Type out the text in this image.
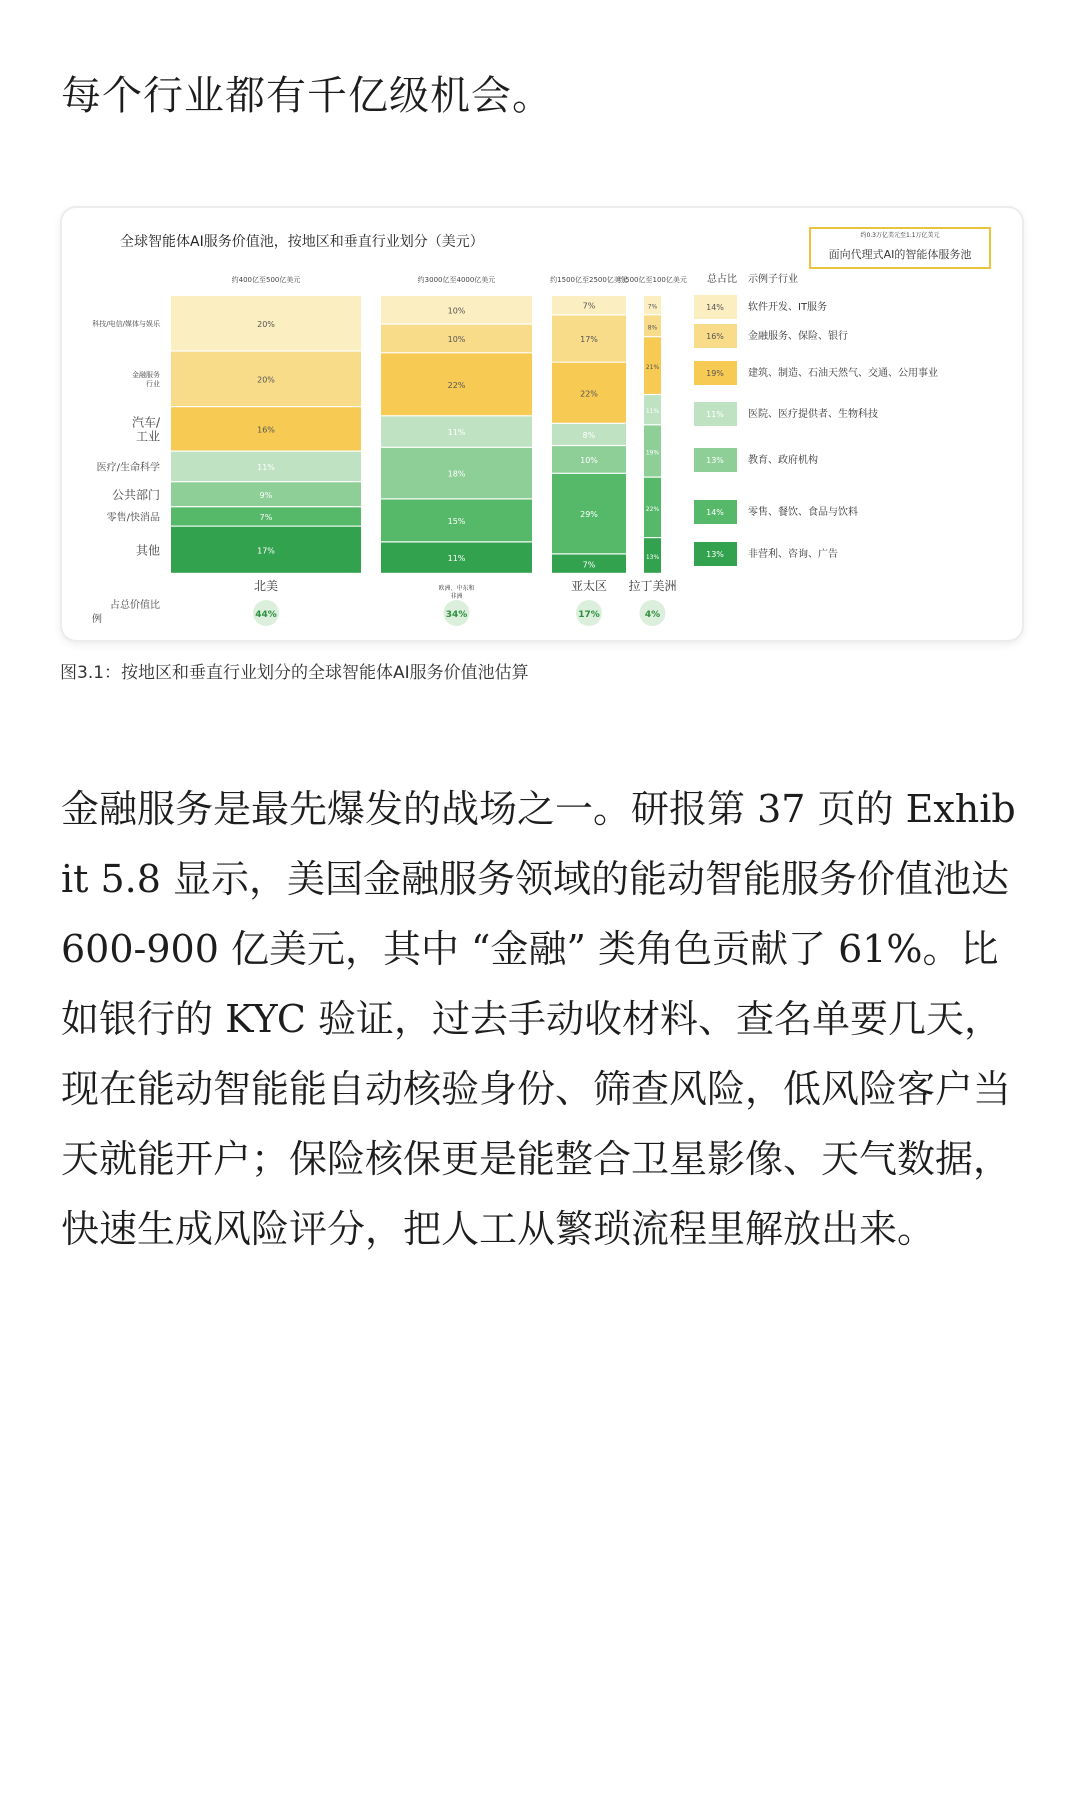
每个行业都有千亿级机会。
全球智能体AI服务价值池，按地区和垂直行业划分（美元）	约0.3万亿美元至1.1万亿美元
面向代理式AI的智能体服务池
约400亿至500亿美元
20%
20%
16%
11%
9%
7%
17%
北美
44%
约3000亿至4000亿美元
10%
10%
22%
11%
18%
15%
11%
欧洲、中东和
非洲
34%
约1500亿至2500亿美元
7%
17%
22%
8%
10%
29%
7%
亚太区
17%
约500亿至100亿美元
7%
8%
21%
11%
19%
22%
13%
拉丁美洲
4%
科技/电信/媒体与娱乐
金融服务
行业
汽车/
工业
医疗/生命科学
公共部门
零售/快消品
其他
占总价值比
例
总占比 示例子行业
14% 软件开发、IT服务
16% 金融服务、保险、银行
19% 建筑、制造、石油天然气、交通、公用事业
11% 医院、医疗提供者、生物科技
13% 教育、政府机构
14% 零售、餐饮、食品与饮料
13% 非营利、咨询、广告
图3.1：按地区和垂直行业划分的全球智能体AI服务价值池估算

金融服务是最先爆发的战场之一。研报第 37 页的 Exhibit 5.8 显示，美国金融服务领域的能动智能服务价值池达 600-900 亿美元，其中 “金融” 类角色贡献了 61%。比如银行的 KYC 验证，过去手动收材料、查名单要几天，现在能动智能能自动核验身份、筛查风险，低风险客户当天就能开户；保险核保更是能整合卫星影像、天气数据，快速生成风险评分，把人工从繁琐流程里解放出来。
